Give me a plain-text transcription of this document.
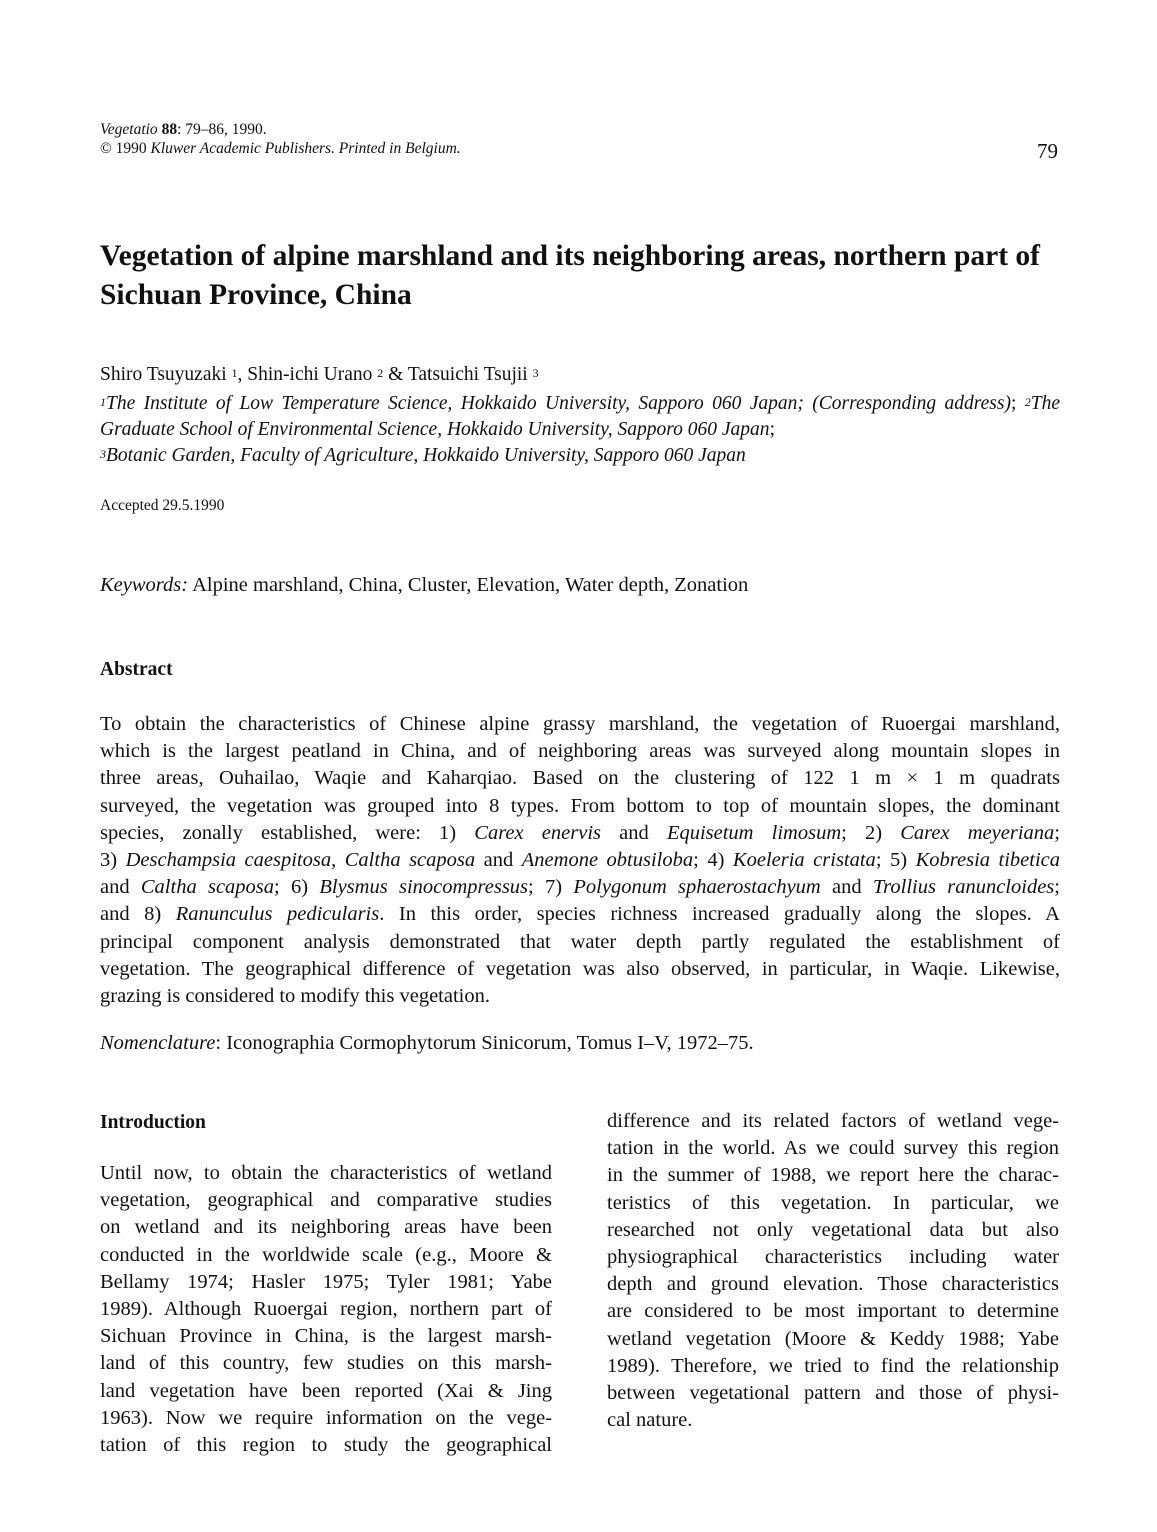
Vegetatio 88: 79–86, 1990.
© 1990 Kluwer Academic Publishers. Printed in Belgium.	79
Vegetation of alpine marshland and its neighboring areas, northern part of Sichuan Province, China
Shiro Tsuyuzaki $^1$, Shin-ichi Urano $^2$ & Tatsuichi Tsujii $^3$
$^1$The Institute of Low Temperature Science, Hokkaido University, Sapporo 060 Japan; (Corresponding address); $^2$The Graduate School of Environmental Science, Hokkaido University, Sapporo 060 Japan;
$^3$Botanic Garden, Faculty of Agriculture, Hokkaido University, Sapporo 060 Japan
Accepted 29.5.1990
Keywords: Alpine marshland, China, Cluster, Elevation, Water depth, Zonation
Abstract
To obtain the characteristics of Chinese alpine grassy marshland, the vegetation of Ruoergai marshland,
which is the largest peatland in China, and of neighboring areas was surveyed along mountain slopes in
three areas, Ouhailao, Waqie and Kaharqiao. Based on the clustering of 122 1 m × 1 m quadrats
surveyed, the vegetation was grouped into 8 types. From bottom to top of mountain slopes, the dominant
species, zonally established, were: 1) Carex enervis and Equisetum limosum; 2) Carex meyeriana;
3) Deschampsia caespitosa, Caltha scaposa and Anemone obtusiloba; 4) Koeleria cristata; 5) Kobresia tibetica
and Caltha scaposa; 6) Blysmus sinocompressus; 7) Polygonum sphaerostachyum and Trollius ranuncloides;
and 8) Ranunculus pedicularis. In this order, species richness increased gradually along the slopes. A
principal component analysis demonstrated that water depth partly regulated the establishment of
vegetation. The geographical difference of vegetation was also observed, in particular, in Waqie. Likewise,
grazing is considered to modify this vegetation.
Nomenclature: Iconographia Cormophytorum Sinicorum, Tomus I–V, 1972–75.
Introduction
Until now, to obtain the characteristics of wetland
vegetation, geographical and comparative studies
on wetland and its neighboring areas have been
conducted in the worldwide scale (e.g., Moore &
Bellamy 1974; Hasler 1975; Tyler 1981; Yabe
1989). Although Ruoergai region, northern part of
Sichuan Province in China, is the largest marsh-
land of this country, few studies on this marsh-
land vegetation have been reported (Xai & Jing
1963). Now we require information on the vege-
tation of this region to study the geographical
difference and its related factors of wetland vege-
tation in the world. As we could survey this region
in the summer of 1988, we report here the charac-
teristics of this vegetation. In particular, we
researched not only vegetational data but also
physiographical characteristics including water
depth and ground elevation. Those characteristics
are considered to be most important to determine
wetland vegetation (Moore & Keddy 1988; Yabe
1989). Therefore, we tried to find the relationship
between vegetational pattern and those of physi-
cal nature.
